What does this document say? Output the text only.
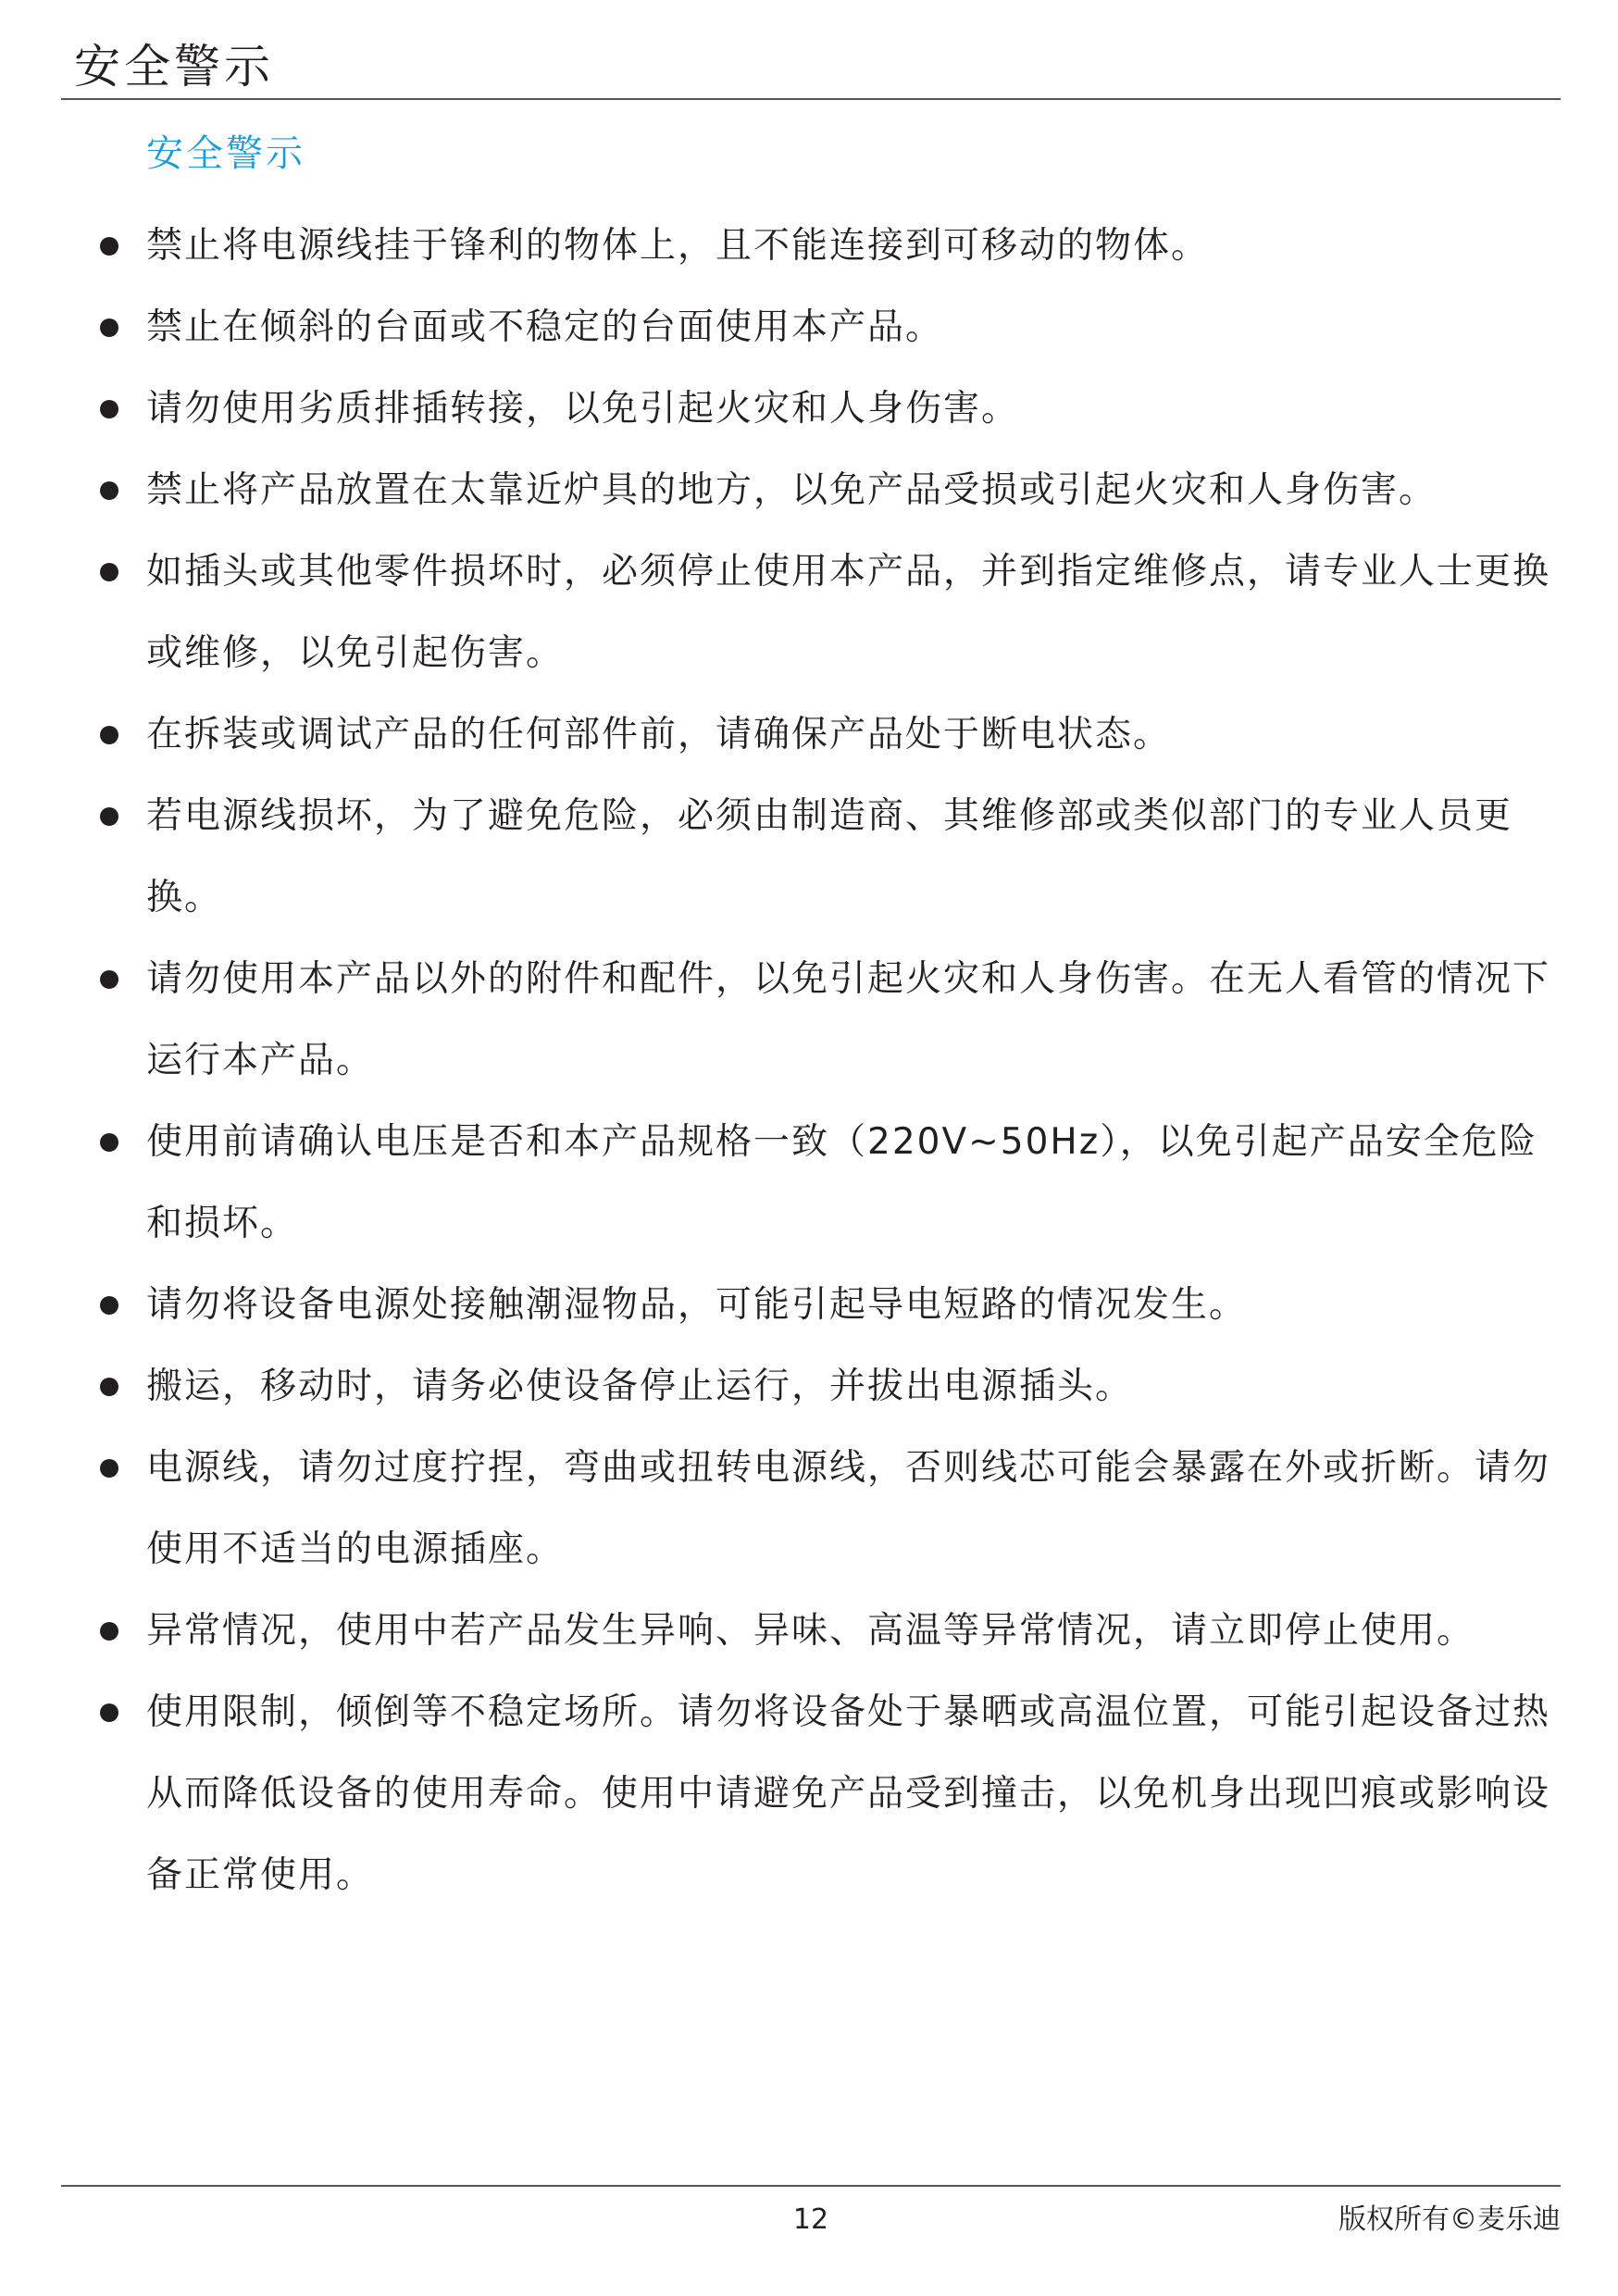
安全警示
安全警示
禁止将电源线挂于锋利的物体上，且不能连接到可移动的物体。
禁止在倾斜的台面或不稳定的台面使用本产品。
请勿使用劣质排插转接，以免引起火灾和人身伤害。
禁止将产品放置在太靠近炉具的地方，以免产品受损或引起火灾和人身伤害。
如插头或其他零件损坏时，必须停止使用本产品，并到指定维修点，请专业人士更换或维修，以免引起伤害。
在拆装或调试产品的任何部件前，请确保产品处于断电状态。
若电源线损坏，为了避免危险，必须由制造商、其维修部或类似部门的专业人员更换。
请勿使用本产品以外的附件和配件，以免引起火灾和人身伤害。在无人看管的情况下运行本产品。
使用前请确认电压是否和本产品规格一致（220V~50Hz），以免引起产品安全危险和损坏。
请勿将设备电源处接触潮湿物品，可能引起导电短路的情况发生。
搬运，移动时，请务必使设备停止运行，并拔出电源插头。
电源线，请勿过度拧捏，弯曲或扭转电源线，否则线芯可能会暴露在外或折断。请勿使用不适当的电源插座。
异常情况，使用中若产品发生异响、异味、高温等异常情况，请立即停止使用。
使用限制，倾倒等不稳定场所。请勿将设备处于暴晒或高温位置，可能引起设备过热从而降低设备的使用寿命。使用中请避免产品受到撞击，以免机身出现凹痕或影响设备正常使用。
12	版权所有©麦乐迪
